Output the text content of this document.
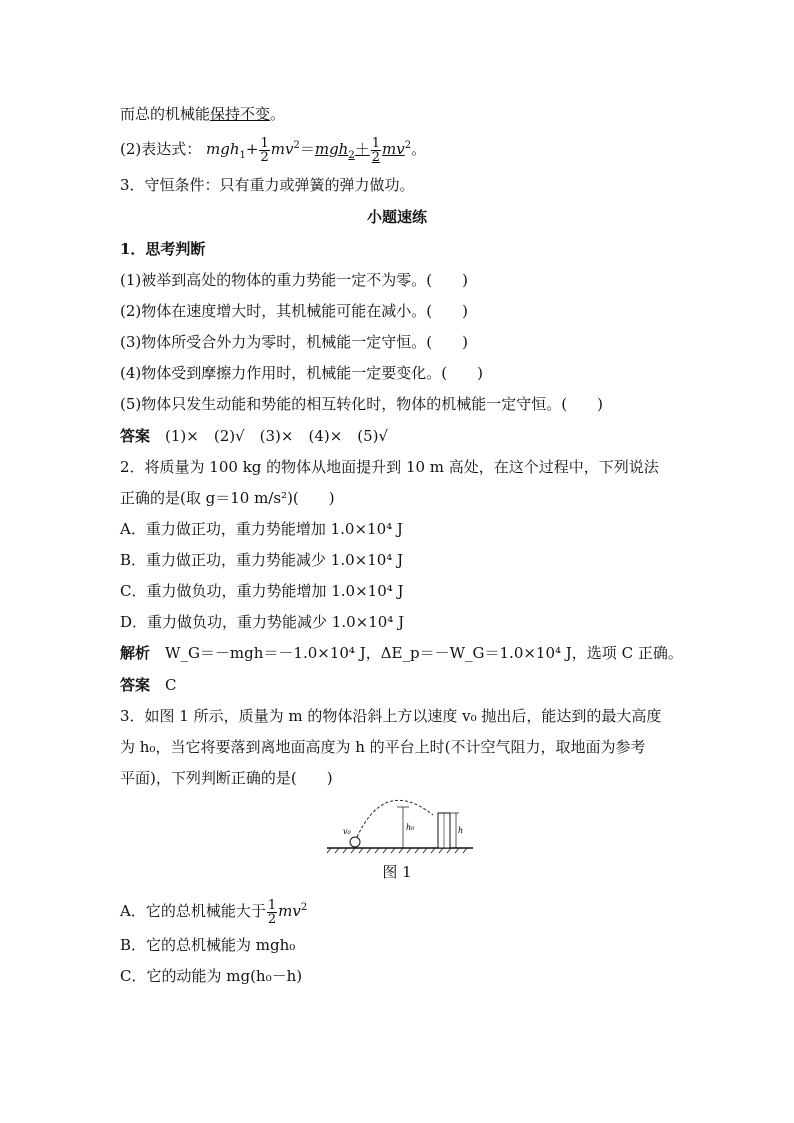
而总的机械能保持不变。
(2)表达式： $mgh_1+ \frac{1}{2} mv^2=mgh_2+ \frac{1}{2} mv^2$。
3．守恒条件：只有重力或弹簧的弹力做功。
小题速练
1．思考判断
(1)被举到高处的物体的重力势能一定不为零。(　　)
(2)物体在速度增大时，其机械能可能在减小。(　　)
(3)物体所受合外力为零时，机械能一定守恒。(　　)
(4)物体受到摩擦力作用时，机械能一定要变化。(　　)
(5)物体只发生动能和势能的相互转化时，物体的机械能一定守恒。(　　)
答案　 (1)×　(2)√　(3)×　(4)×　(5)√
2．将质量为 100 kg 的物体从地面提升到 10 m 高处，在这个过程中，下列说法
正确的是(取 g＝10 m/s²)(　　)
A．重力做正功，重力势能增加 1.0×10⁴ J
B．重力做正功，重力势能减少 1.0×10⁴ J
C．重力做负功，重力势能增加 1.0×10⁴ J
D．重力做负功，重力势能减少 1.0×10⁴ J
解析　 W_G＝－mgh＝－1.0×10⁴ J，ΔE_p＝－W_G＝1.0×10⁴ J，选项 C 正确。
答案　 C
3．如图 1 所示，质量为 m 的物体沿斜上方以速度 v₀ 抛出后，能达到的最大高度
为 h₀，当它将要落到离地面高度为 h 的平台上时(不计空气阻力，取地面为参考
平面)，下列判断正确的是(　　)
v₀	h₀	h
图 1
A．它的总机械能大于 $\frac{1}{2} mv^2$
B．它的总机械能为 mgh₀
C．它的动能为 mg(h₀－h)
